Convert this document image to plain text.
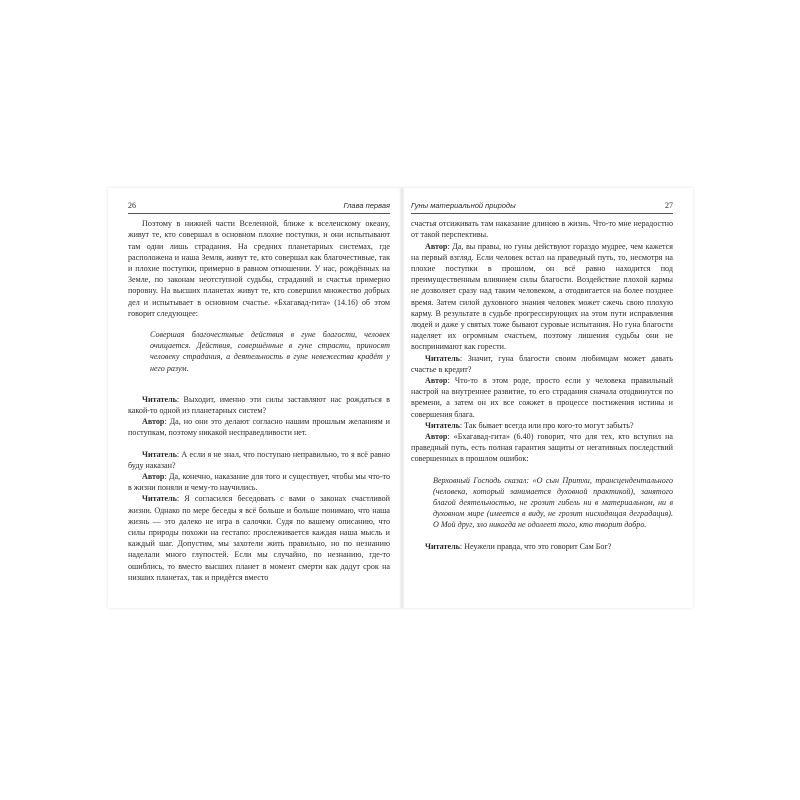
26	Глава первая

Поэтому в нижней части Вселенной, ближе к вселенскому океану, живут те, кто совершал в основном плохие поступки, и они испытывают там одни лишь страдания. На средних планетарных системах, где расположена и наша Земля, живут те, кто совершал как благочестивые, так и плохие поступки, примерно в равном отношении. У нас, рождённых на Земле, по законам неотступной судьбы, страданий и счастья примерно поровну. На высших планетах живут те, кто совершил множество добрых дел и испытывает в основном счастье. «Бхагавад-гита» (14.16) об этом говорит следующее:

Совершая благочестивые действия в гуне благости, человек очищается. Действия, совершённые в гуне страсти, приносят человеку страдания, а деятельность в гуне невежества крадёт у него разум.

Читатель: Выходит, именно эти силы заставляют нас рождаться в какой-то одной из планетарных систем?

Автор: Да, но они это делают согласно нашим прошлым желаниям и поступкам, поэтому никакой несправедливости нет.

Читатель: А если я не знал, что поступаю неправильно, то я всё равно буду наказан?

Автор: Да, конечно, наказание для того и существует, чтобы мы что-то в жизни поняли и чему-то научились.

Читатель: Я согласился беседовать с вами о законах счастливой жизни. Однако по мере беседы я всё больше и больше понимаю, что наша жизнь — это далеко не игра в салочки. Судя по вашему описанию, что силы природы похожи на гестапо: прослеживается каждая наша мысль и каждый шаг. Допустим, мы захотели жить правильно, но по незнанию наделали много глупостей. Если мы случайно, по незнанию, где-то ошиблись, то вместо высших планет в момент смерти как дадут срок на низших планетах, так и придётся вместо

Гуны материальной природы	27

счастья отсиживать там наказание длиною в жизнь. Что-то мне нерадостно от такой перспективы.

Автор: Да, вы правы, но гуны действуют гораздо мудрее, чем кажется на первый взгляд. Если человек встал на праведный путь, то, несмотря на плохие поступки в прошлом, он всё равно находится под преимущественным влиянием силы благости. Воздействие плохой кармы не дозволяет сразу над таким человеком, а отодвигается на более позднее время. Затем силой духовного знания человек может сжечь свою плохую карму. В результате в судьбе прогрессирующих на этом пути исправления людей и даже у святых тоже бывают суровые испытания. Но гуна благости наделяет их огромным счастьем, поэтому лишения судьбы они не воспринимают как горести.

Читатель: Значит, гуна благости своим любимцам может давать счастье в кредит?

Автор: Что-то в этом роде, просто если у человека правильный настрой на внутреннее развитие, то его страдания сначала отодвинутся по времени, а затем он их все сожжет в процессе постижения истины и совершения блага.

Читатель: Так бывает всегда или про кого-то могут забыть?

Автор: «Бхагавад-гита» (6.40) говорит, что для тех, кто вступил на праведный путь, есть полная гарантия защиты от негативных последствий совершенных в прошлом ошибок:

Верховный Господь сказал: «О сын Притхи, трансцендентального (человека, который занимается духовной практикой), занятого благой деятельностью, не грозит гибель ни в материальном, ни в духовном мире (имеется в виду, не грозит нисходящая деградация). О Мой друг, зло никогда не одолеет того, кто творит добро.

Читатель: Неужели правда, что это говорит Сам Бог?
